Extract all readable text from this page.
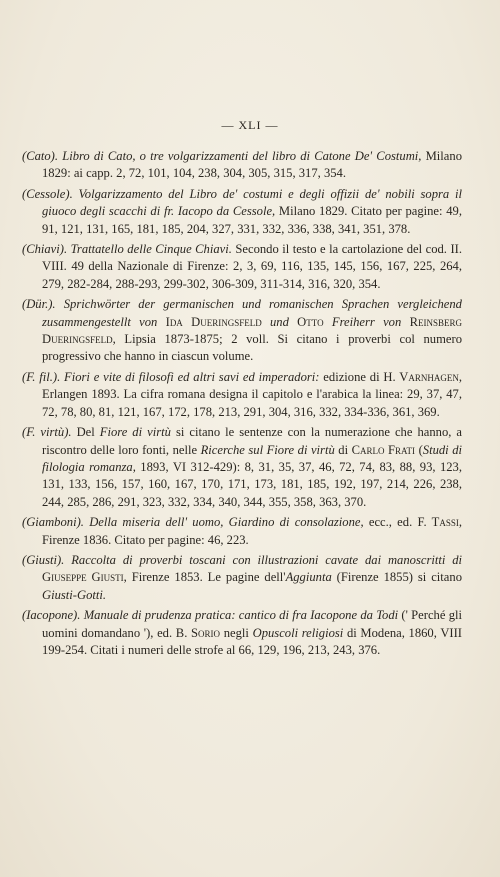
— XLI —

(Cato). Libro di Cato, o tre volgarizzamenti del libro di Catone De' Costumi, Milano 1829: ai capp. 2, 72, 101, 104, 238, 304, 305, 315, 317, 354.

(Cessole). Volgarizzamento del Libro de' costumi e degli offizii de' nobili sopra il giuoco degli scacchi di fr. Iacopo da Cessole, Milano 1829. Citato per pagine: 49, 91, 121, 131, 165, 181, 185, 204, 327, 331, 332, 336, 338, 341, 351, 378.

(Chiavi). Trattatello delle Cinque Chiavi. Secondo il testo e la cartolazione del cod. II. VIII. 49 della Nazionale di Firenze: 2, 3, 69, 116, 135, 145, 156, 167, 225, 264, 279, 282-284, 288-293, 299-302, 306-309, 311-314, 316, 320, 354.

(Dür.). Sprichwörter der germanischen und romanischen Sprachen vergleichend zusammengestellt von Ida Dueringsfeld und Otto Freiherr von Reinsberg Dueringsfeld, Lipsia 1873-1875; 2 voll. Si citano i proverbi col numero progressivo che hanno in ciascun volume.

(F. fil.). Fiori e vite di filosofi ed altri savi ed imperadori: edizione di H. Varnhagen, Erlangen 1893. La cifra romana designa il capitolo e l'arabica la linea: 29, 37, 47, 72, 78, 80, 81, 121, 167, 172, 178, 213, 291, 304, 316, 332, 334-336, 361, 369.

(F. virtù). Del Fiore di virtù si citano le sentenze con la numerazione che hanno, a riscontro delle loro fonti, nelle Ricerche sul Fiore di virtù di Carlo Frati (Studi di filologia romanza, 1893, VI 312-429): 8, 31, 35, 37, 46, 72, 74, 83, 88, 93, 123, 131, 133, 156, 157, 160, 167, 170, 171, 173, 181, 185, 192, 197, 214, 226, 238, 244, 285, 286, 291, 323, 332, 334, 340, 344, 355, 358, 363, 370.

(Giamboni). Della miseria dell' uomo, Giardino di consolazione, ecc., ed. F. Tassi, Firenze 1836. Citato per pagine: 46, 223.

(Giusti). Raccolta di proverbi toscani con illustrazioni cavate dai manoscritti di Giuseppe Giusti, Firenze 1853. Le pagine dell'Aggiunta (Firenze 1855) si citano Giusti-Gotti.

(Iacopone). Manuale di prudenza pratica: cantico di fra Iacopone da Todi (' Perché gli uomini domandano '), ed. B. Sorio negli Opuscoli religiosi di Modena, 1860, VIII 199-254. Citati i numeri delle strofe al 66, 129, 196, 213, 243, 376.
